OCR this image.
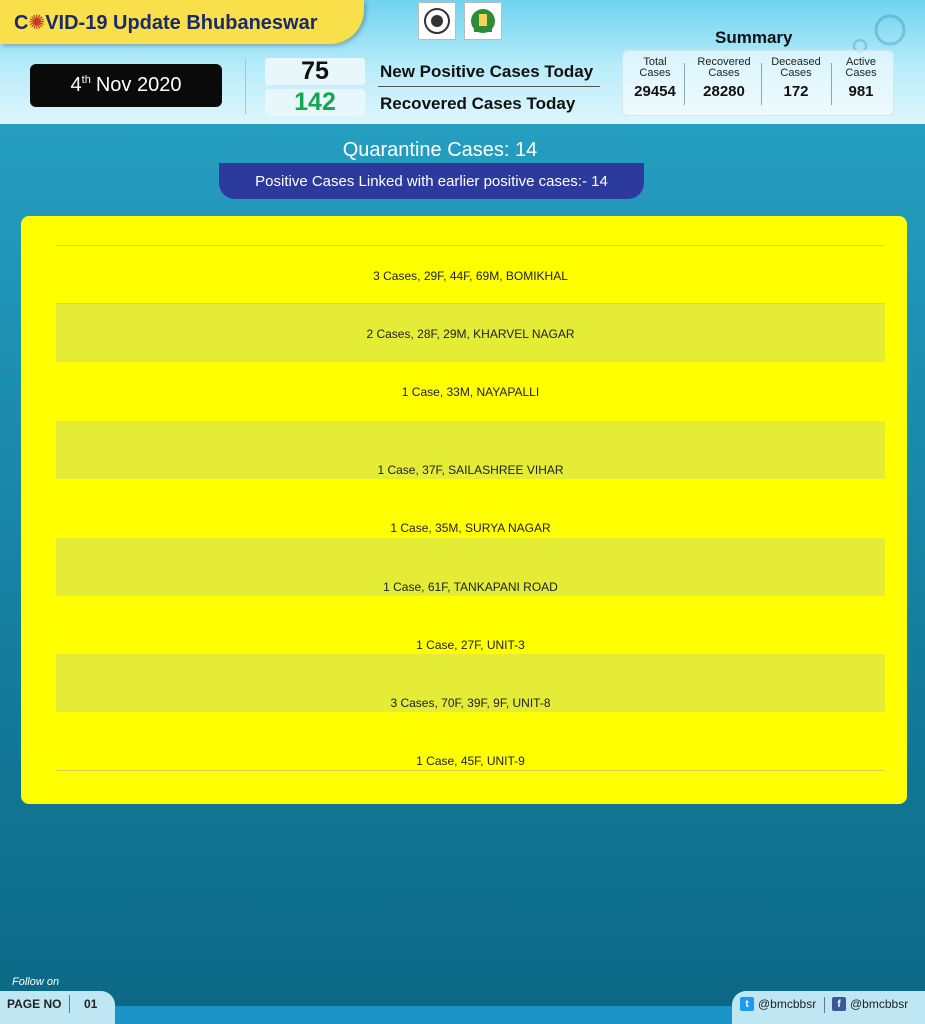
C✺VID-19 Update Bhubaneswar
4th Nov 2020	75	New Positive Cases Today
142	Recovered Cases Today
Summary
Total
Cases
29454
Recovered
Cases
28280
Deceased
Cases
172
Active
Cases
981
Quarantine Cases: 14
Positive Cases Linked with earlier positive cases:- 14
3 Cases, 29F, 44F, 69M, BOMIKHAL
2 Cases, 28F, 29M, KHARVEL NAGAR
1 Case, 33M, NAYAPALLI
1 Case, 37F, SAILASHREE VIHAR
1 Case, 35M, SURYA NAGAR
1 Case, 61F, TANKAPANI ROAD
1 Case, 27F, UNIT-3
3 Cases, 70F, 39F, 9F, UNIT-8
1 Case, 45F, UNIT-9
Follow on
PAGE NO 01	t @bmcbbsr	f @bmcbbsr
